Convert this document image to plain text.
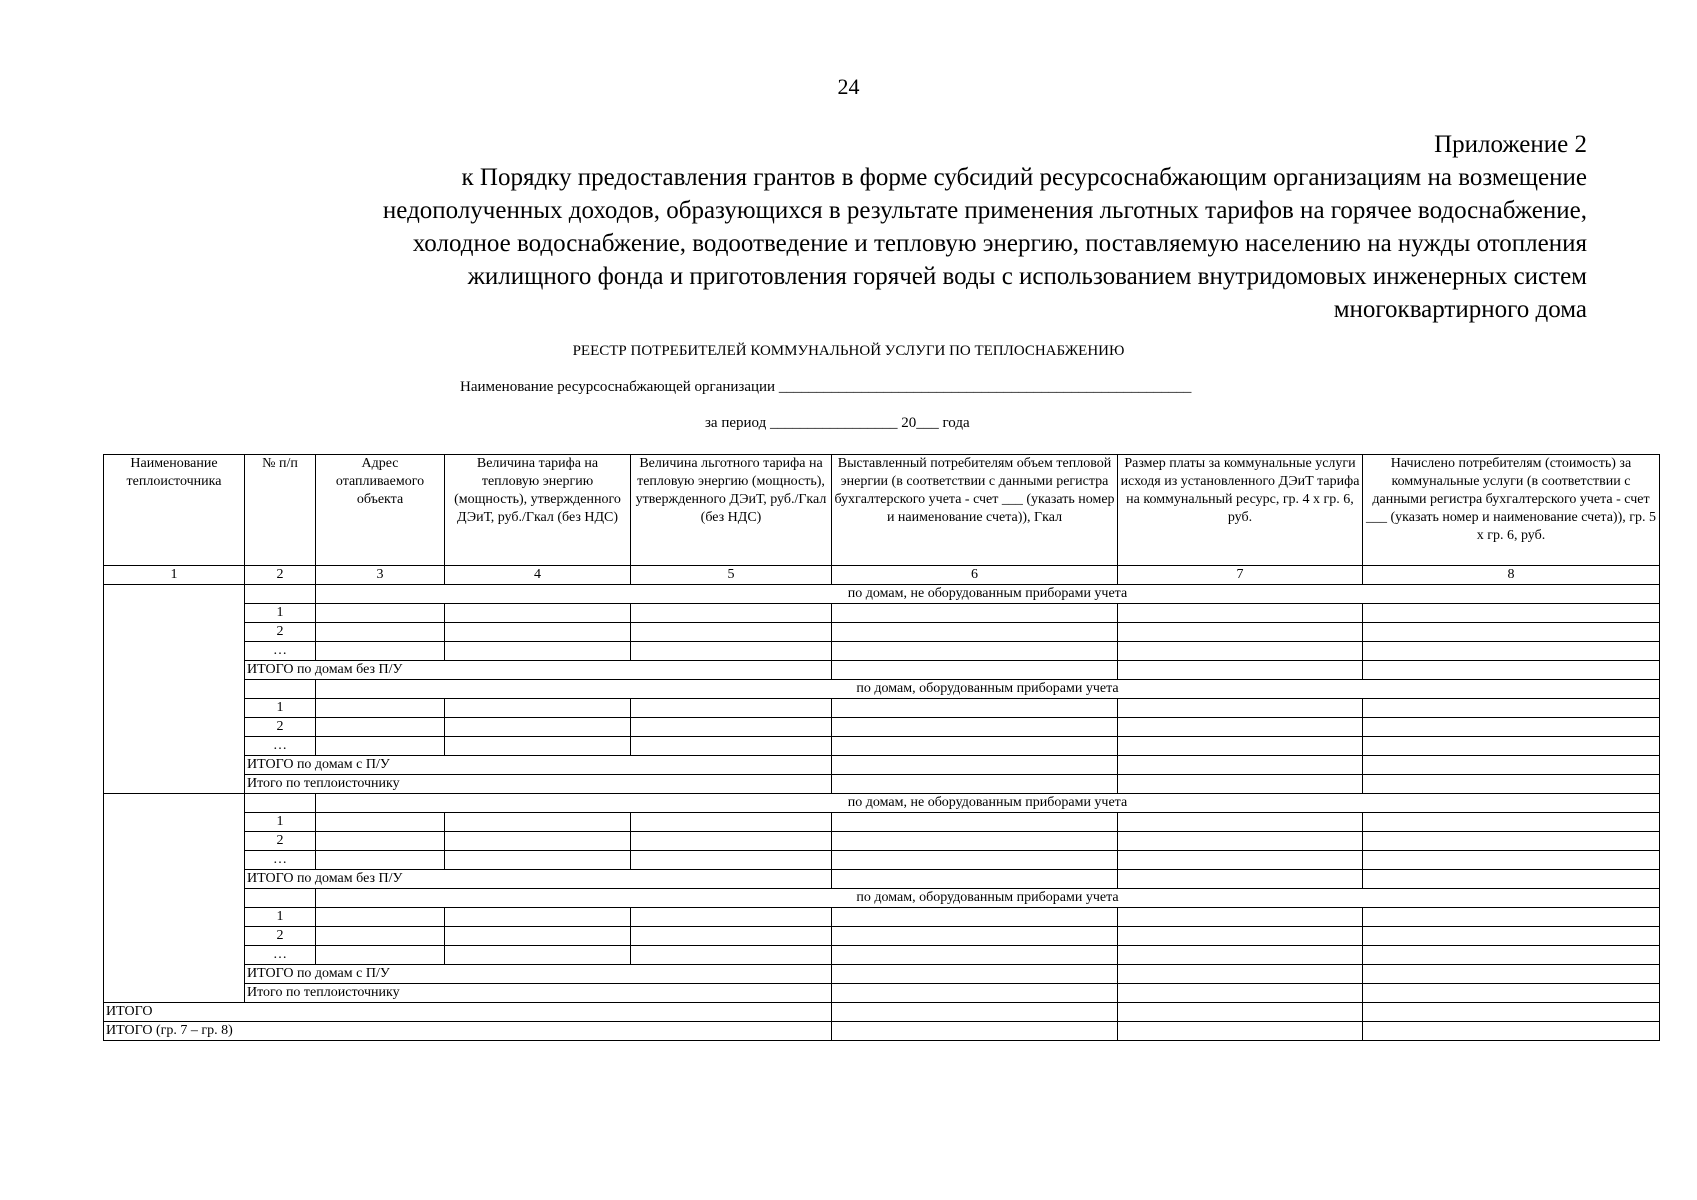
24
Приложение 2
к Порядку предоставления грантов в форме субсидий ресурсоснабжающим организациям на возмещение
недополученных доходов, образующихся в результате применения льготных тарифов на горячее водоснабжение,
холодное водоснабжение, водоотведение и тепловую энергию, поставляемую населению на нужды отопления
жилищного фонда и приготовления горячей воды с использованием внутридомовых инженерных систем
многоквартирного дома
РЕЕСТР ПОТРЕБИТЕЛЕЙ КОММУНАЛЬНОЙ УСЛУГИ ПО ТЕПЛОСНАБЖЕНИЮ
Наименование ресурсоснабжающей организации _______________________________________________________
за период _________________ 20___ года
Наименование теплоисточника	№ п/п	Адрес отапливаемого объекта	Величина тарифа на тепловую энергию (мощность), утвержденного ДЭиТ, руб./Гкал (без НДС)	Величина льготного тарифа на тепловую энергию (мощность), утвержденного ДЭиТ, руб./Гкал (без НДС)	Выставленный потребителям объем тепловой энергии (в соответствии с данными регистра бухгалтерского учета - счет ___ (указать номер и наименование счета)), Гкал	Размер платы за коммунальные услуги исходя из установленного ДЭиТ тарифа на коммунальный ресурс, гр. 4 х гр. 6, руб.	Начислено потребителям (стоимость) за коммунальные услуги (в соответствии с данными регистра бухгалтерского учета - счет ___ (указать номер и наименование счета)), гр. 5 х гр. 6, руб.
1	2	3	4	5	6	7	8
		по домам, не оборудованным приборами учета					
	1						
	2						
	…						
	ИТОГО по домам без П/У						
		по домам, оборудованным приборами учета					
	1						
	2						
	…						
	ИТОГО по домам с П/У						
	Итого по теплоисточнику						
		по домам, не оборудованным приборами учета					
	1						
	2						
	…						
	ИТОГО по домам без П/У						
		по домам, оборудованным приборами учета					
	1						
	2						
	…						
	ИТОГО по домам с П/У						
	Итого по теплоисточнику						
ИТОГО							
ИТОГО (гр. 7 – гр. 8)							
